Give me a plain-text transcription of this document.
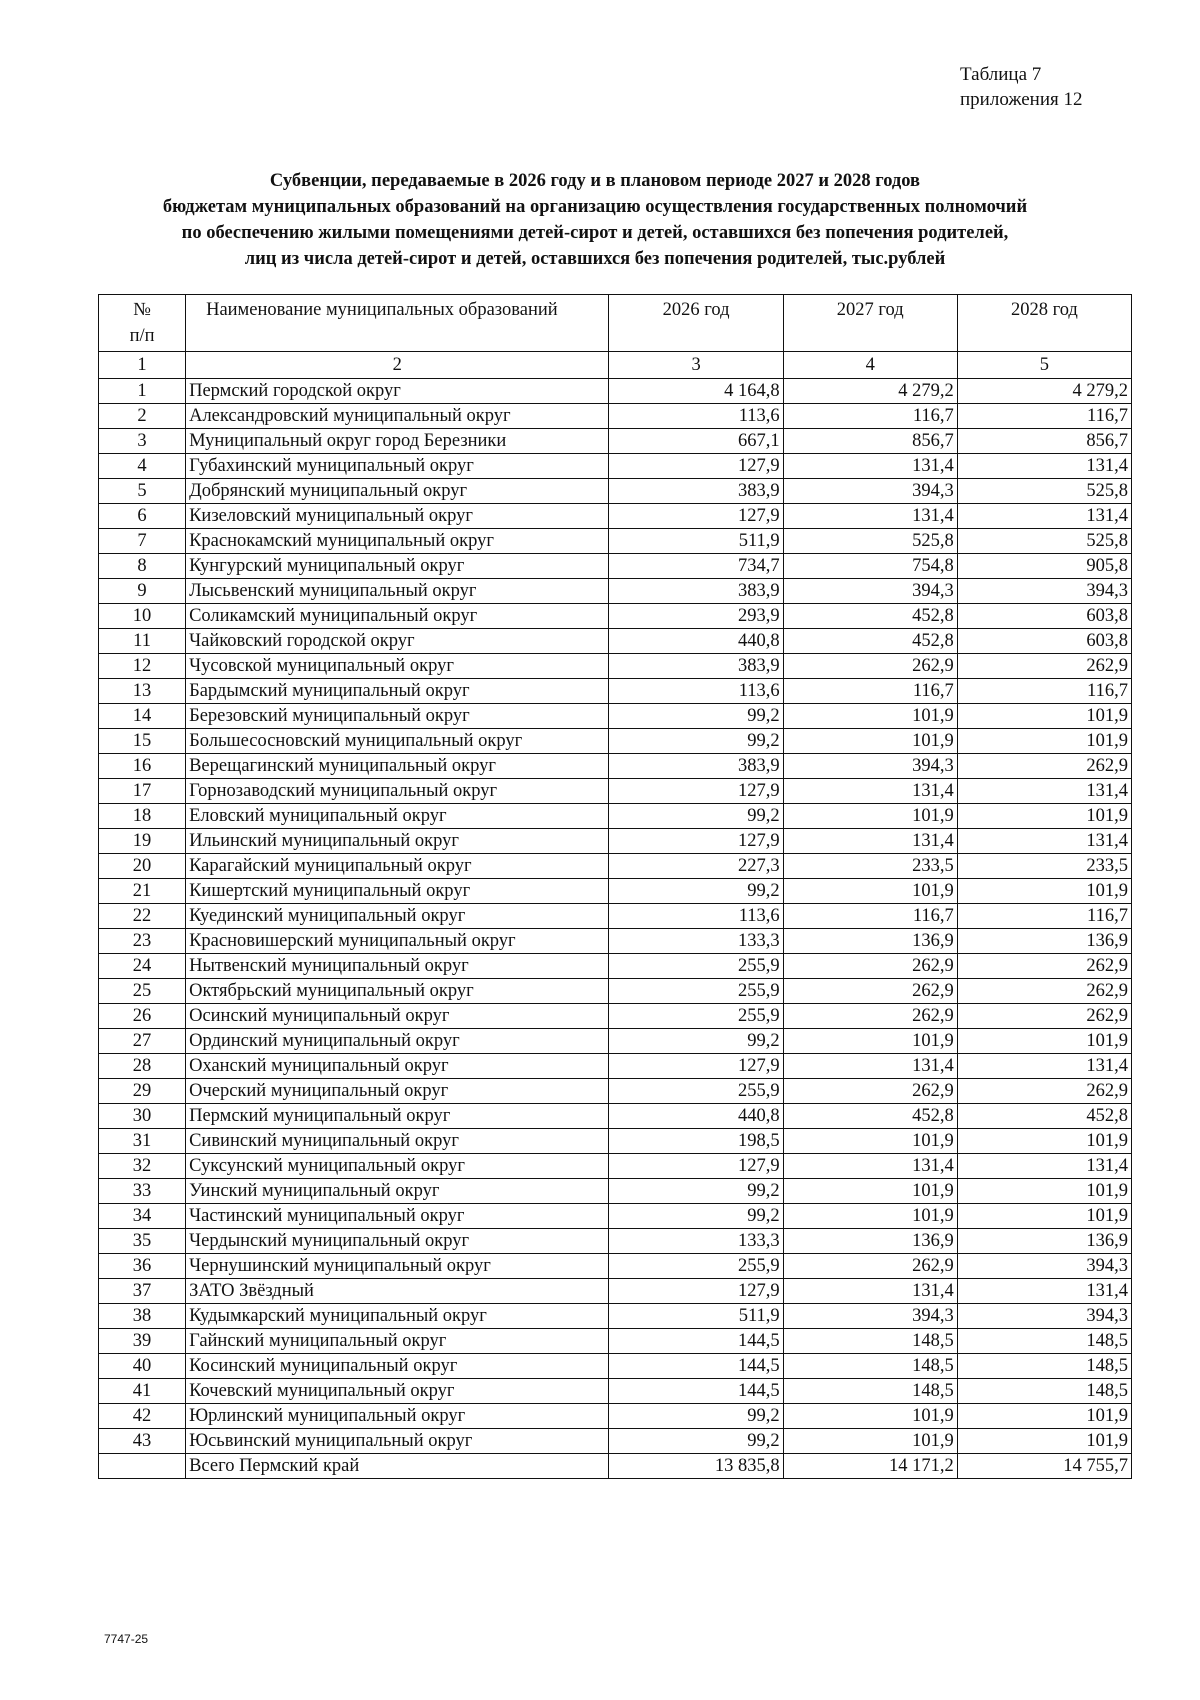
Таблица 7
приложения 12
Субвенции, передаваемые в 2026 году и в плановом периоде 2027 и 2028 годов
бюджетам муниципальных образований на организацию осуществления государственных полномочий
по обеспечению жилыми помещениями детей-сирот и детей, оставшихся без попечения родителей,
лиц из числа детей-сирот и детей, оставшихся без попечения родителей, тыс.рублей
№
п/п	Наименование муниципальных образований	2026 год	2027 год	2028 год
1	2	3	4	5
1	Пермский городской округ	4 164,8	4 279,2	4 279,2
2	Александровский муниципальный округ	113,6	116,7	116,7
3	Муниципальный округ город Березники	667,1	856,7	856,7
4	Губахинский муниципальный округ	127,9	131,4	131,4
5	Добрянский муниципальный округ	383,9	394,3	525,8
6	Кизеловский муниципальный округ	127,9	131,4	131,4
7	Краснокамский муниципальный округ	511,9	525,8	525,8
8	Кунгурский муниципальный округ	734,7	754,8	905,8
9	Лысьвенский муниципальный округ	383,9	394,3	394,3
10	Соликамский муниципальный округ	293,9	452,8	603,8
11	Чайковский городской округ	440,8	452,8	603,8
12	Чусовской муниципальный округ	383,9	262,9	262,9
13	Бардымский муниципальный округ	113,6	116,7	116,7
14	Березовский муниципальный округ	99,2	101,9	101,9
15	Большесосновский муниципальный округ	99,2	101,9	101,9
16	Верещагинский муниципальный округ	383,9	394,3	262,9
17	Горнозаводский муниципальный округ	127,9	131,4	131,4
18	Еловский муниципальный округ	99,2	101,9	101,9
19	Ильинский муниципальный округ	127,9	131,4	131,4
20	Карагайский муниципальный округ	227,3	233,5	233,5
21	Кишертский муниципальный округ	99,2	101,9	101,9
22	Куединский муниципальный округ	113,6	116,7	116,7
23	Красновишерский муниципальный округ	133,3	136,9	136,9
24	Нытвенский муниципальный округ	255,9	262,9	262,9
25	Октябрьский муниципальный округ	255,9	262,9	262,9
26	Осинский муниципальный округ	255,9	262,9	262,9
27	Ординский муниципальный округ	99,2	101,9	101,9
28	Оханский муниципальный округ	127,9	131,4	131,4
29	Очерский муниципальный округ	255,9	262,9	262,9
30	Пермский муниципальный округ	440,8	452,8	452,8
31	Сивинский муниципальный округ	198,5	101,9	101,9
32	Суксунский муниципальный округ	127,9	131,4	131,4
33	Уинский муниципальный округ	99,2	101,9	101,9
34	Частинский муниципальный округ	99,2	101,9	101,9
35	Чердынский муниципальный округ	133,3	136,9	136,9
36	Чернушинский муниципальный округ	255,9	262,9	394,3
37	ЗАТО Звёздный	127,9	131,4	131,4
38	Кудымкарский муниципальный округ	511,9	394,3	394,3
39	Гайнский муниципальный округ	144,5	148,5	148,5
40	Косинский муниципальный округ	144,5	148,5	148,5
41	Кочевский муниципальный округ	144,5	148,5	148,5
42	Юрлинский муниципальный округ	99,2	101,9	101,9
43	Юсьвинский муниципальный округ	99,2	101,9	101,9
	Всего Пермский край	13 835,8	14 171,2	14 755,7
7747-25
